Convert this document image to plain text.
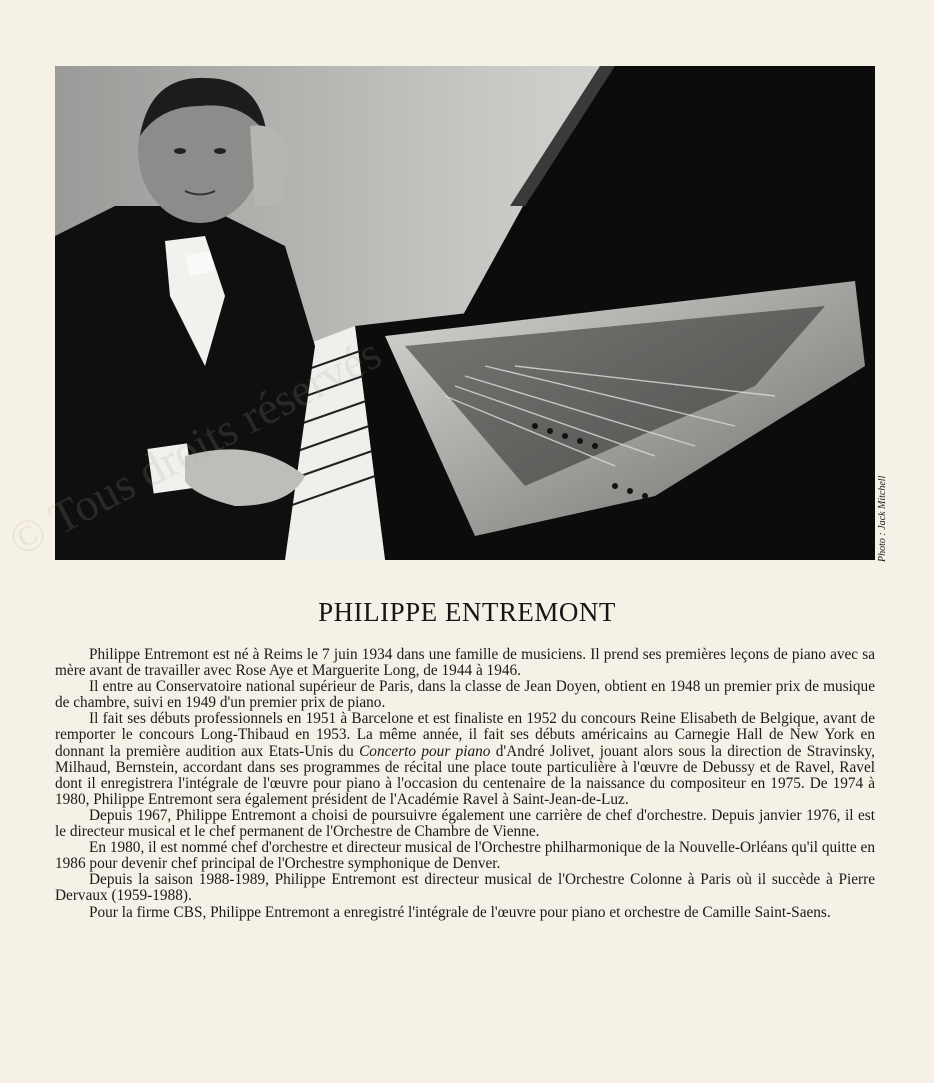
Photo : Jack Mitchell
©
PHILIPPE ENTREMONT

Philippe Entremont est né à Reims le 7 juin 1934 dans une famille de musiciens. Il prend ses premières leçons de piano avec sa mère avant de travailler avec Rose Aye et Marguerite Long, de 1944 à 1946.

Il entre au Conservatoire national supérieur de Paris, dans la classe de Jean Doyen, obtient en 1948 un premier prix de musique de chambre, suivi en 1949 d'un premier prix de piano.

Il fait ses débuts professionnels en 1951 à Barcelone et est finaliste en 1952 du concours Reine Elisabeth de Belgique, avant de remporter le concours Long-Thibaud en 1953. La même année, il fait ses débuts américains au Carnegie Hall de New York en donnant la première audition aux Etats-Unis du Concerto pour piano d'André Jolivet, jouant alors sous la direction de Stravinsky, Milhaud, Bernstein, accordant dans ses programmes de récital une place toute particulière à l'œuvre de Debussy et de Ravel, Ravel dont il enregistrera l'intégrale de l'œuvre pour piano à l'occasion du centenaire de la naissance du compositeur en 1975. De 1974 à 1980, Philippe Entremont sera également président de l'Académie Ravel à Saint-Jean-de-Luz.

Depuis 1967, Philippe Entremont a choisi de poursuivre également une carrière de chef d'orchestre. Depuis janvier 1976, il est le directeur musical et le chef permanent de l'Orchestre de Chambre de Vienne.

En 1980, il est nommé chef d'orchestre et directeur musical de l'Orchestre philharmonique de la Nouvelle-Orléans qu'il quitte en 1986 pour devenir chef principal de l'Orchestre symphonique de Denver.

Depuis la saison 1988-1989, Philippe Entremont est directeur musical de l'Orchestre Colonne à Paris où il succède à Pierre Dervaux (1959-1988).

Pour la firme CBS, Philippe Entremont a enregistré l'intégrale de l'œuvre pour piano et orchestre de Camille Saint-Saens.
